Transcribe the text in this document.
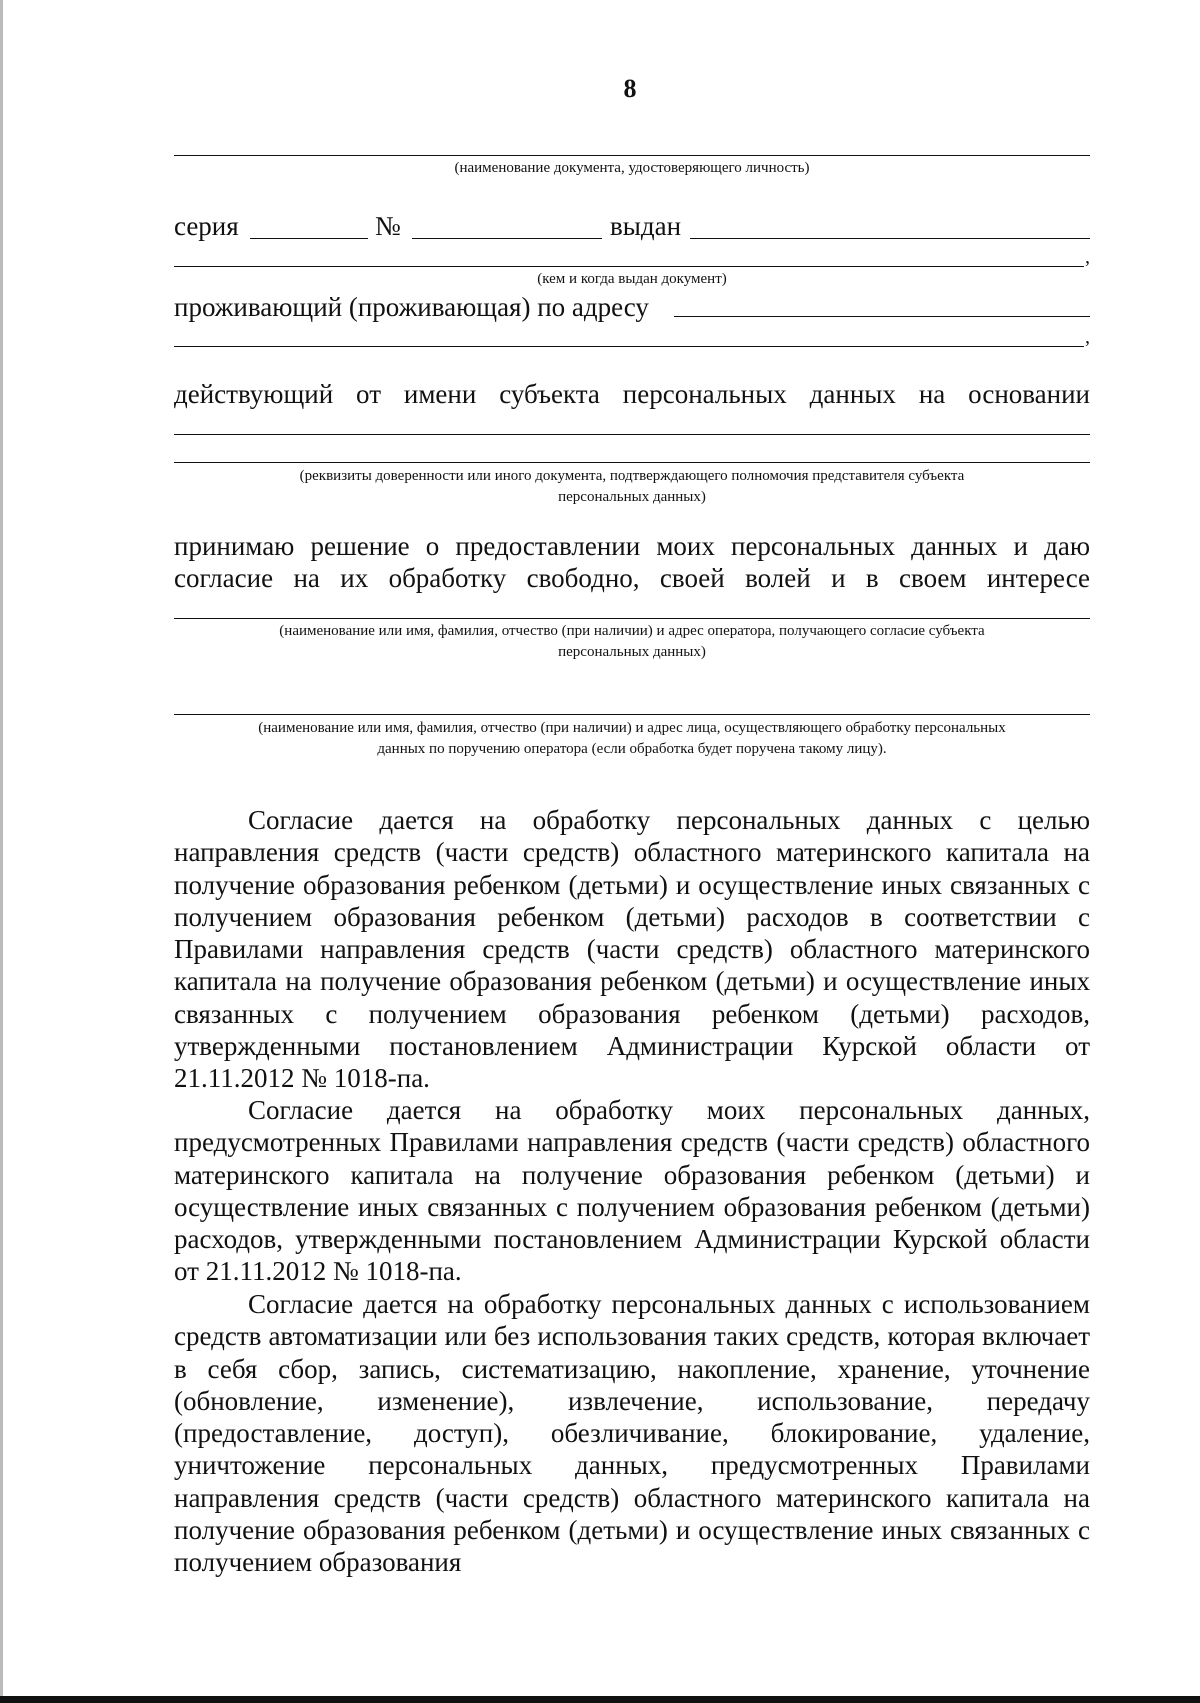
8
(наименование документа, удостоверяющего личность)
серия	№	выдан
,
(кем и когда выдан документ)
проживающий (проживающая) по адресу
,
действующий от имени субъекта персональных данных на основании
(реквизиты доверенности или иного документа, подтверждающего полномочия представителя субъекта
персональных данных)
принимаю решение о предоставлении моих персональных данных и даю
согласие на их обработку свободно, своей волей и в своем интересе
(наименование или имя, фамилия, отчество (при наличии) и адрес оператора, получающего согласие субъекта
персональных данных)
(наименование или имя, фамилия, отчество (при наличии) и адрес лица, осуществляющего обработку персональных
данных по поручению оператора (если обработка будет поручена такому лицу).
Согласие дается на обработку персональных данных с целью направления средств (части средств) областного материнского капитала на получение образования ребенком (детьми) и осуществление иных связанных с получением образования ребенком (детьми) расходов в соответствии с Правилами направления средств (части средств) областного материнского капитала на получение образования ребенком (детьми) и осуществление иных связанных с получением образования ребенком (детьми) расходов, утвержденными постановлением Администрации Курской области от 21.11.2012 № 1018-па.
Согласие дается на обработку моих персональных данных, предусмотренных Правилами направления средств (части средств) областного материнского капитала на получение образования ребенком (детьми) и осуществление иных связанных с получением образования ребенком (детьми) расходов, утвержденными постановлением Администрации Курской области от 21.11.2012 № 1018-па.
Согласие дается на обработку персональных данных с использованием средств автоматизации или без использования таких средств, которая включает в себя сбор, запись, систематизацию, накопление, хранение, уточнение (обновление, изменение), извлечение, использование, передачу (предоставление, доступ), обезличивание, блокирование, удаление, уничтожение персональных данных, предусмотренных Правилами направления средств (части средств) областного материнского капитала на получение образования ребенком (детьми) и осуществление иных связанных с получением образования
